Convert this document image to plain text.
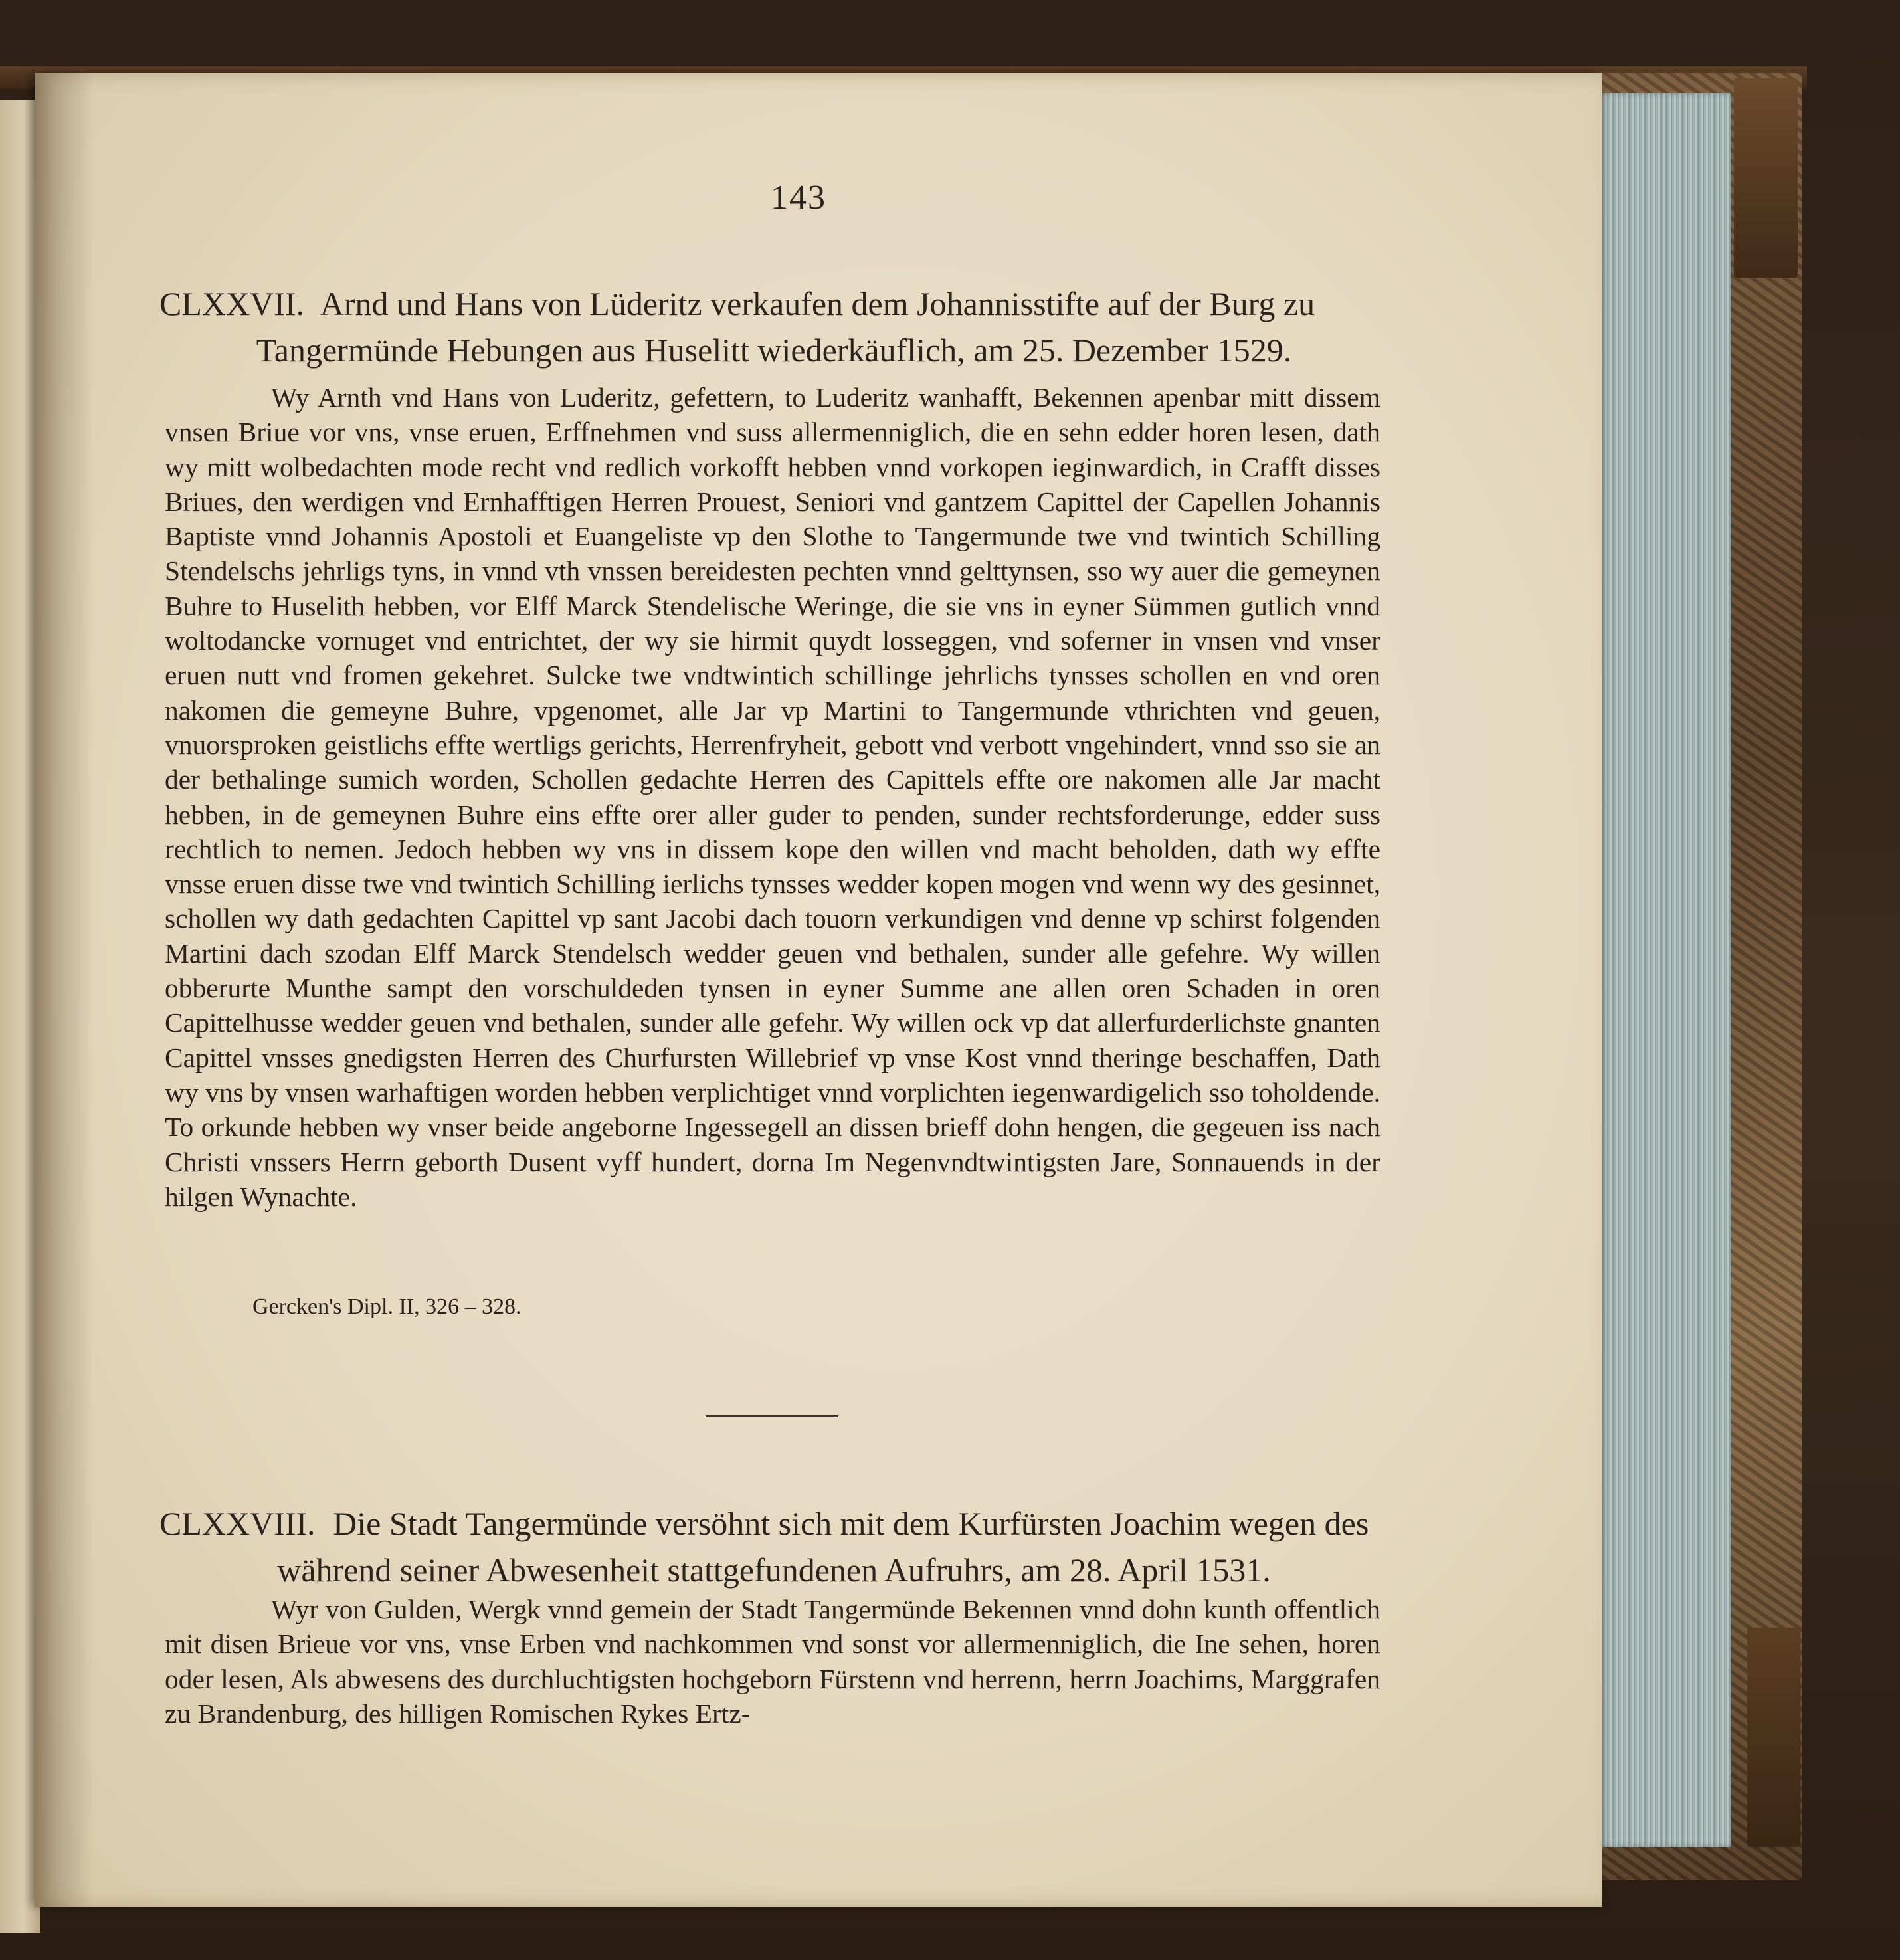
143
CLXXVII. Arnd und Hans von Lüderitz verkaufen dem Johannisstifte auf der Burg zu
Tangermünde Hebungen aus Huselitt wiederkäuflich, am 25. Dezember 1529.
Wy Arnth vnd Hans von Luderitz, gefettern, to Luderitz wanhafft, Bekennen apenbar mitt dissem vnsen Briue vor vns, vnse eruen, Erffnehmen vnd suss allermenniglich, die en sehn edder horen lesen, dath wy mitt wolbedachten mode recht vnd redlich vorkofft hebben vnnd vorkopen ieginwardich, in Crafft disses Briues, den werdigen vnd Ernhafftigen Herren Prouest, Seniori vnd gantzem Capittel der Capellen Johannis Baptiste vnnd Johannis Apostoli et Euangeliste vp den Slothe to Tangermunde twe vnd twintich Schilling Stendelschs jehrligs tyns, in vnnd vth vnssen bereidesten pechten vnnd gelttynsen, sso wy auer die gemeynen Buhre to Huselith hebben, vor Elff Marck Stendelische Weringe, die sie vns in eyner Sümmen gutlich vnnd woltodancke vornuget vnd entrichtet, der wy sie hirmit quydt lossеggen, vnd soferner in vnsen vnd vnser eruen nutt vnd fromen gekehret. Sulcke twe vndtwintich schillinge jehrlichs tynsses schollen en vnd oren nakomen die gemeyne Buhre, vpgenomet, alle Jar vp Martini to Tangermunde vthrichten vnd geuen, vnuorsproken geistlichs effte wertligs gerichts, Herrenfryheit, gebott vnd verbott vngehindert, vnnd sso sie an der bethalinge sumich worden, Schollen gedachte Herren des Capittels effte ore nakomen alle Jar macht hebben, in de gemeynen Buhre eins effte orer aller guder to penden, sunder rechtsforderunge, edder suss rechtlich to nemen. Jedoch hebben wy vns in dissem kope den willen vnd macht beholden, dath wy effte vnsse eruen disse twe vnd twintich Schilling ierlichs tynsses wedder kopen mogen vnd wenn wy des gesinnet, schollen wy dath gedachten Capittel vp sant Jacobi dach touorn verkundigen vnd denne vp schirst folgenden Martini dach szodan Elff Marck Stendelsch wedder geuen vnd bethalen, sunder alle gefehre. Wy willen obberurte Munthe sampt den vorschuldeden tynsen in eyner Summe ane allen oren Schaden in oren Capittelhusse wedder geuen vnd bethalen, sunder alle gefehr. Wy willen ock vp dat allerfurderlichste gnanten Capittel vnsses gnedigsten Herren des Churfursten Willebrief vp vnse Kost vnnd theringe beschaffen, Dath wy vns by vnsen warhaftigen worden hebben verplichtiget vnnd vorplichten iegenwardigelich sso toholdende. To orkunde hebben wy vnser beide angeborne Ingessegell an dissen brieff dohn hengen, die gegeuen iss nach Christi vnssers Herrn geborth Dusent vyff hundert, dorna Im Negenvndtwintigsten Jare, Sonnauends in der hilgen Wynachte.
Gercken's Dipl. II, 326 – 328.
CLXXVIII. Die Stadt Tangermünde versöhnt sich mit dem Kurfürsten Joachim wegen des
während seiner Abwesenheit stattgefundenen Aufruhrs, am 28. April 1531.
Wyr von Gulden, Wergk vnnd gemein der Stadt Tangermünde Bekennen vnnd dohn kunth offentlich mit disen Brieue vor vns, vnse Erben vnd nachkommen vnd sonst vor allermenniglich, die Ine sehen, horen oder lesen, Als abwesens des durchluchtigsten hochgeborn Fürstenn vnd herrenn, herrn Joachims, Marggrafen zu Brandenburg, des hilligen Romischen Rykes Ertz-
